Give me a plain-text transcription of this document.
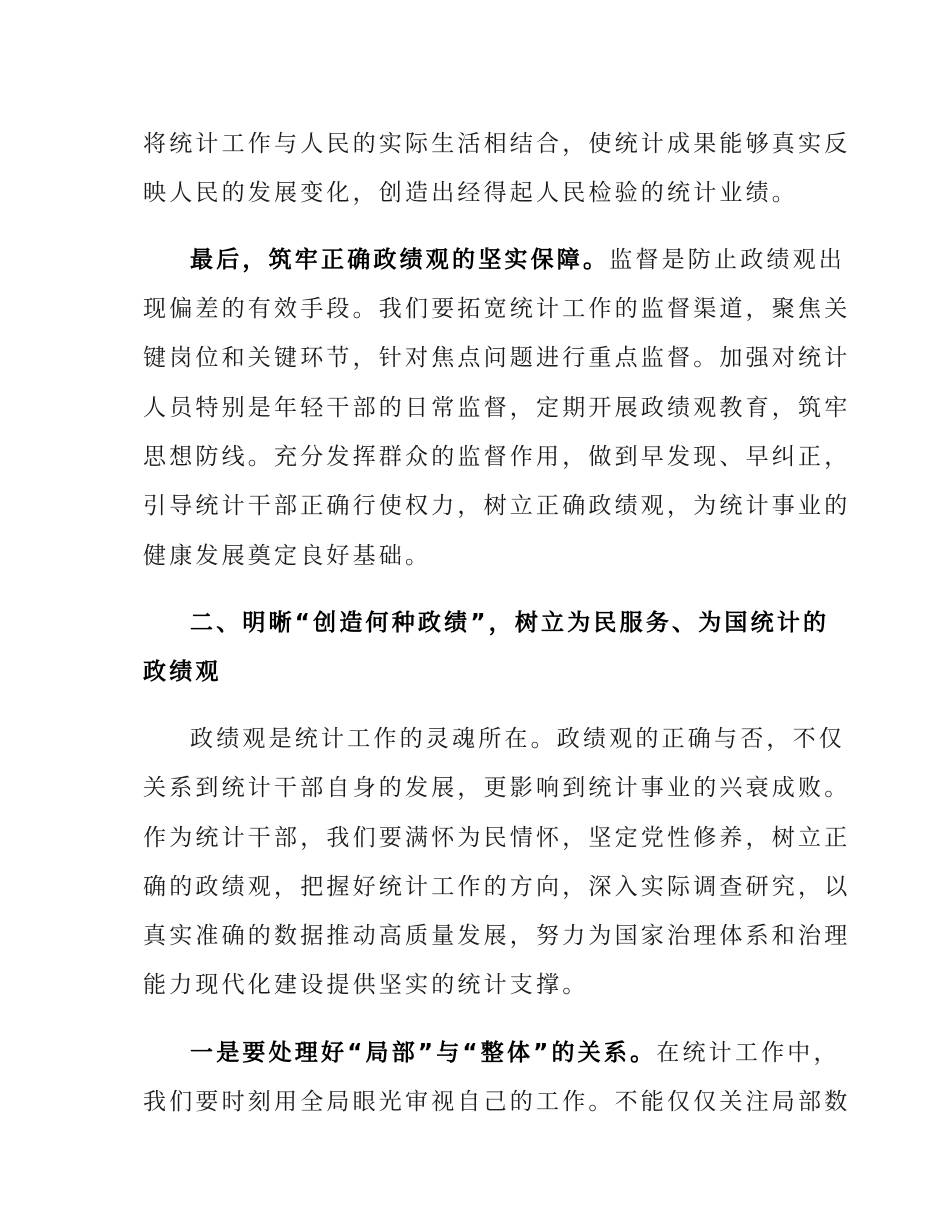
将统计工作与人民的实际生活相结合，使统计成果能够真实反
映人民的发展变化，创造出经得起人民检验的统计业绩。
最后，筑牢正确政绩观的坚实保障。监督是防止政绩观出
现偏差的有效手段。我们要拓宽统计工作的监督渠道，聚焦关
键岗位和关键环节，针对焦点问题进行重点监督。加强对统计
人员特别是年轻干部的日常监督，定期开展政绩观教育，筑牢
思想防线。充分发挥群众的监督作用，做到早发现、早纠正，
引导统计干部正确行使权力，树立正确政绩观，为统计事业的
健康发展奠定良好基础。
二、明晰“创造何种政绩”，树立为民服务、为国统计的
政绩观
政绩观是统计工作的灵魂所在。政绩观的正确与否，不仅
关系到统计干部自身的发展，更影响到统计事业的兴衰成败。
作为统计干部，我们要满怀为民情怀，坚定党性修养，树立正
确的政绩观，把握好统计工作的方向，深入实际调查研究，以
真实准确的数据推动高质量发展，努力为国家治理体系和治理
能力现代化建设提供坚实的统计支撑。
一是要处理好“局部”与“整体”的关系。在统计工作中，
我们要时刻用全局眼光审视自己的工作。不能仅仅关注局部数
